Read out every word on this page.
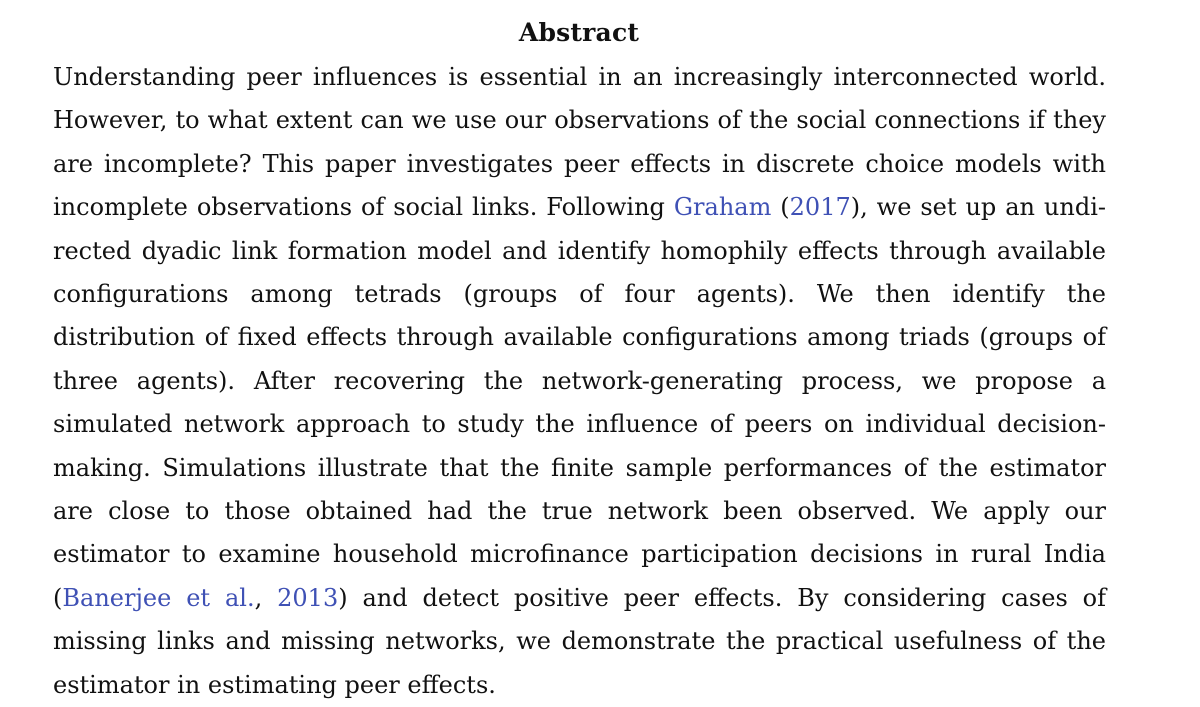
Abstract

Understanding peer influences is essential in an increasingly interconnected world. However, to what extent can we use our observations of the social connections if they are incomplete? This paper investigates peer effects in discrete choice models with incomplete observations of social links. Following Graham (2017), we set up an undirected dyadic link formation model and identify homophily effects through available configurations among tetrads (groups of four agents). We then identify the distribution of fixed effects through available configurations among triads (groups of three agents). After recovering the network-generating process, we propose a simulated network approach to study the influence of peers on individual decision-making. Simulations illustrate that the finite sample performances of the estimator are close to those obtained had the true network been observed. We apply our estimator to examine household microfinance participation decisions in rural India (Banerjee et al., 2013) and detect positive peer effects. By considering cases of missing links and missing networks, we demonstrate the practical usefulness of the estimator in estimating peer effects.
